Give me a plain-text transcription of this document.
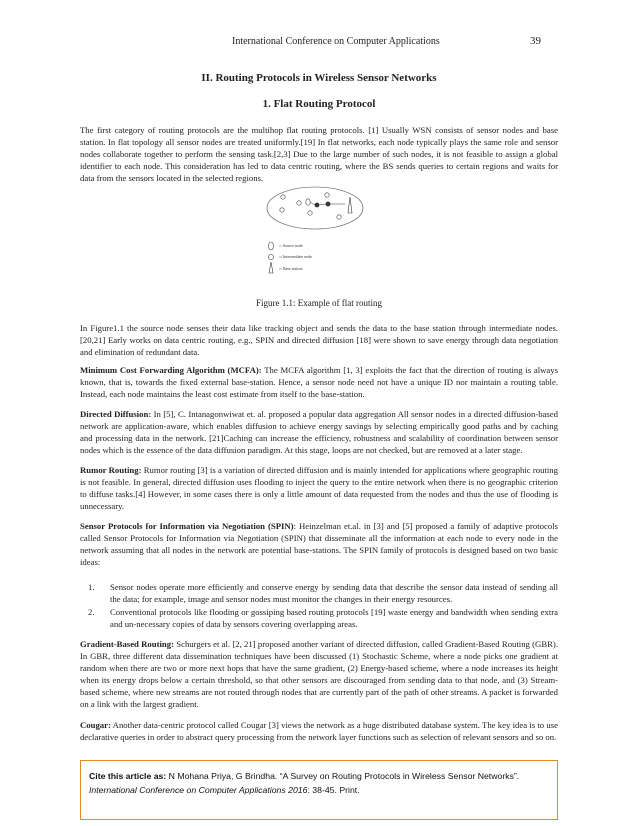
International Conference on Computer Applications	39
II. Routing Protocols in Wireless Sensor Networks
1. Flat Routing Protocol

The first category of routing protocols are the multihop flat routing protocols. [1] Usually WSN consists of sensor nodes and base station. In flat topology all sensor nodes are treated uniformly.[19] In flat networks, each node typically plays the same role and sensor nodes collaborate together to perform the sensing task.[2,3] Due to the large number of such nodes, it is not feasible to assign a global identifier to each node. This consideration has led to data centric routing, where the BS sends queries to certain regions and waits for data from the sensors located in the selected regions.

Source node
Intermediate node
Base station
Figure 1.1: Example of flat routing

In Figure1.1 the source node senses their data like tracking object and sends the data to the base station through intermediate nodes.[20,21] Early works on data centric routing, e.g., SPIN and directed diffusion [18] were shown to save energy through data negotiation and elimination of redundant data.

Minimum Cost Forwarding Algorithm (MCFA): The MCFA algorithm [1, 3] exploits the fact that the direction of routing is always known, that is, towards the fixed external base-station. Hence, a sensor node need not have a unique ID nor maintain a routing table. Instead, each node maintains the least cost estimate from itself to the base-station.

Directed Diffusion: In [5], C. Intanagonwiwat et. al. proposed a popular data aggregation All sensor nodes in a directed diffusion-based network are application-aware, which enables diffusion to achieve energy savings by selecting empirically good paths and by caching and processing data in the network. [21]Caching can increase the efficiency, robustness and scalability of coordination between sensor nodes which is the essence of the data diffusion paradigm. At this stage, loops are not checked, but are removed at a later stage.

Rumor Routing: Rumor routing [3] is a variation of directed diffusion and is mainly intended for applications where geographic routing is not feasible. In general, directed diffusion uses flooding to inject the query to the entire network when there is no geographic criterion to diffuse tasks.[4] However, in some cases there is only a little amount of data requested from the nodes and thus the use of flooding is unnecessary.

Sensor Protocols for Information via Negotiation (SPIN): Heinzelman et.al. in [3] and [5] proposed a family of adaptive protocols called Sensor Protocols for Information via Negotiation (SPIN) that disseminate all the information at each node to every node in the network assuming that all nodes in the network are potential base-stations. The SPIN family of protocols is designed based on two basic ideas:

1. Sensor nodes operate more efficiently and conserve energy by sending data that describe the sensor data instead of sending all the data; for example, image and sensor nodes must monitor the changes in their energy resources.
2. Conventional protocols like flooding or gossiping based routing protocols [19] waste energy and bandwidth when sending extra and un-necessary copies of data by sensors covering overlapping areas.

Gradient-Based Routing: Schurgers et al. [2, 21] proposed another variant of directed diffusion, called Gradient-Based Routing (GBR). In GBR, three different data dissemination techniques have been discussed (1) Stochastic Scheme, where a node picks one gradient at random when there are two or more next hops that have the same gradient, (2) Energy-based scheme, where a node increases its height when its energy drops below a certain threshold, so that other sensors are discouraged from sending data to that node, and (3) Stream-based scheme, where new streams are not routed through nodes that are currently part of the path of other streams. A packet is forwarded on a link with the largest gradient.

Cougar: Another data-centric protocol called Cougar [3] views the network as a huge distributed database system. The key idea is to use declarative queries in order to abstract query processing from the network layer functions such as selection of relevant sensors and so on.

Cite this article as: N Mohana Priya, G Brindha. “A Survey on Routing Protocols in Wireless Sensor Networks”.
International Conference on Computer Applications 2016: 38-45. Print.
